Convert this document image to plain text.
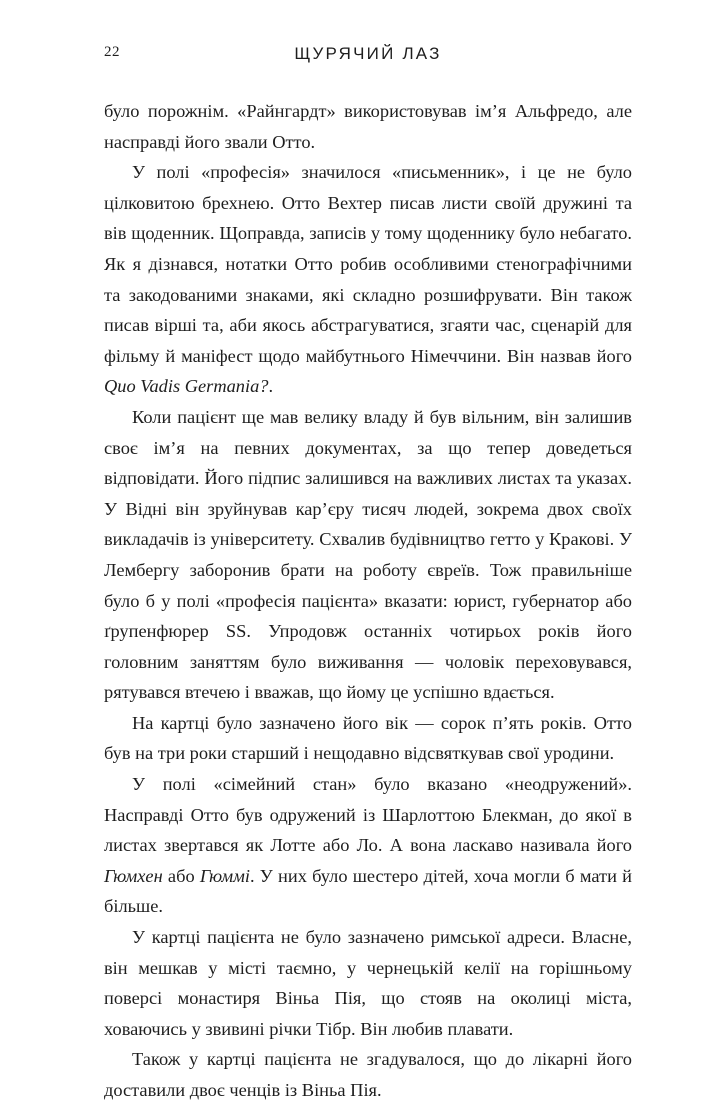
22	ЩУРЯЧИЙ ЛАЗ

було порожнім. «Райнгардт» використовував ім’я Альфредо, але насправді його звали Отто.

У полі «професія» значилося «письменник», і це не було цілковитою брехнею. Отто Вехтер писав листи своїй дружині та вів щоденник. Щоправда, записів у тому щоденнику було небагато. Як я дізнався, нотатки Отто робив особливими стенографічними та закодованими знаками, які складно розшифрувати. Він також писав вірші та, аби якось абстрагуватися, згаяти час, сценарій для фільму й маніфест щодо майбутнього Німеччини. Він назвав його Quo Vadis Germania?.

Коли пацієнт ще мав велику владу й був вільним, він залишив своє ім’я на певних документах, за що тепер доведеться відповідати. Його підпис залишився на важливих листах та указах. У Відні він зруйнував кар’єру тисяч людей, зокрема двох своїх викладачів із університету. Схвалив будівництво гетто у Кракові. У Лембергу заборонив брати на роботу євреїв. Тож правильніше було б у полі «професія пацієнта» вказати: юрист, губернатор або ґрупенфюрер SS. Упродовж останніх чотирьох років його головним заняттям було виживання — чоловік переховувався, рятувався втечею і вважав, що йому це успішно вдається.

На картці було зазначено його вік — сорок п’ять років. Отто був на три роки старший і нещодавно відсвяткував свої уродини.

У полі «сімейний стан» було вказано «неодружений». Насправді Отто був одружений із Шарлоттою Блекман, до якої в листах звертався як Лотте або Ло. А вона ласкаво називала його Гюмхен або Гюммі. У них було шестеро дітей, хоча могли б мати й більше.

У картці пацієнта не було зазначено римської адреси. Власне, він мешкав у місті таємно, у чернецькій келії на горішньому поверсі монастиря Віньа Пія, що стояв на околиці міста, ховаючись у звивині річки Тібр. Він любив плавати.

Також у картці пацієнта не згадувалося, що до лікарні його доставили двоє ченців із Віньа Пія.
